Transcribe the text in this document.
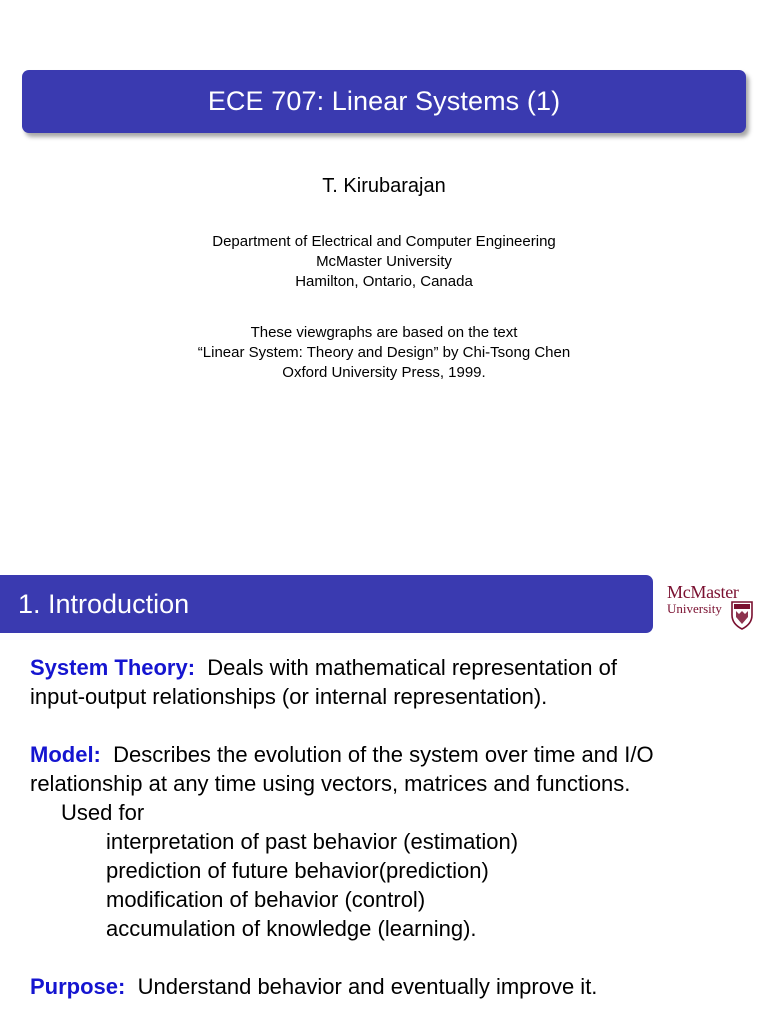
ECE 707: Linear Systems (1)
T. Kirubarajan
Department of Electrical and Computer Engineering
McMaster University
Hamilton, Ontario, Canada
These viewgraphs are based on the text
“Linear System: Theory and Design” by Chi-Tsong Chen
Oxford University Press, 1999.
1. Introduction	McMaster
University

System Theory: Deals with mathematical representation of
input-output relationships (or internal representation).

Model: Describes the evolution of the system over time and I/O
relationship at any time using vectors, matrices and functions.

Used for
interpretation of past behavior (estimation)
prediction of future behavior(prediction)
modification of behavior (control)
accumulation of knowledge (learning).

Purpose: Understand behavior and eventually improve it.
